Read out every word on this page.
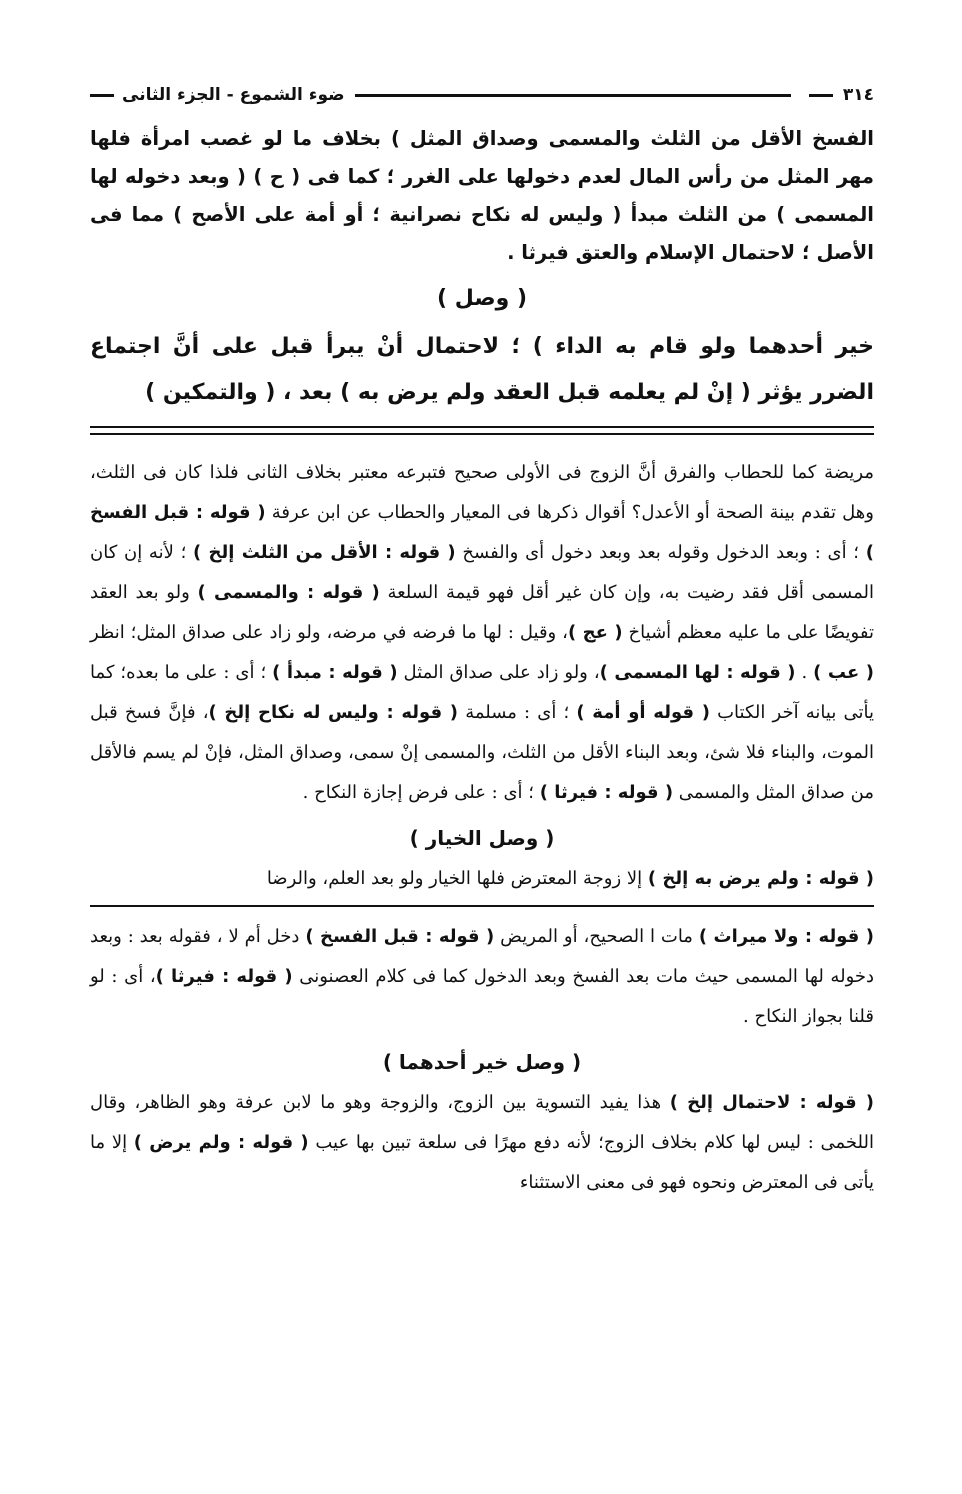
٣١٤
ضوء الشموع - الجزء الثانى

الفسخ الأقل من الثلث والمسمى وصداق المثل ) بخلاف ما لو غصب امرأة فلها مهر المثل من رأس المال لعدم دخولها على الغرر ؛ كما فى ( ح ) ( وبعد دخوله لها المسمى ) من الثلث مبدأ ( وليس له نكاح نصرانية ؛ أو أمة على الأصح ) مما فى الأصل ؛ لاحتمال الإسلام والعتق فيرثا .

( وصل )
خير أحدهما ولو قام به الداء ) ؛ لاحتمال أنْ يبرأ قبل على أنَّ اجتماع الضرر يؤثر ( إنْ لم يعلمه قبل العقد ولم يرض به ) بعد ، ( والتمكين )

مريضة كما للحطاب والفرق أنَّ الزوج فى الأولى صحيح فتبرعه معتبر بخلاف الثانى فلذا كان فى الثلث، وهل تقدم بينة الصحة أو الأعدل؟ أقوال ذكرها فى المعيار والحطاب عن ابن عرفة ( قوله : قبل الفسخ ) ؛ أى : وبعد الدخول وقوله بعد وبعد دخول أى والفسخ ( قوله : الأقل من الثلث إلخ ) ؛ لأنه إن كان المسمى أقل فقد رضيت به، وإن كان غير أقل فهو قيمة السلعة ( قوله : والمسمى ) ولو بعد العقد تفويضًا على ما عليه معظم أشياخ ( عج )، وقيل : لها ما فرضه في مرضه، ولو زاد على صداق المثل؛ انظر ( عب ) . ( قوله : لها المسمى )، ولو زاد على صداق المثل ( قوله : مبدأ ) ؛ أى : على ما بعده؛ كما يأتى بيانه آخر الكتاب ( قوله أو أمة ) ؛ أى : مسلمة ( قوله : وليس له نكاح إلخ )، فإنَّ فسخ قبل الموت، والبناء فلا شئ، وبعد البناء الأقل من الثلث، والمسمى إنْ سمى، وصداق المثل، فإنْ لم يسم فالأقل من صداق المثل والمسمى ( قوله : فيرثا ) ؛ أى : على فرض إجازة النكاح .

( وصل الخيار )

( قوله : ولم يرض به إلخ ) إلا زوجة المعترض فلها الخيار ولو بعد العلم، والرضا

( قوله : ولا ميراث ) مات ا الصحيح، أو المريض ( قوله : قبل الفسخ ) دخل أم لا ، فقوله بعد : وبعد دخوله لها المسمى حيث مات بعد الفسخ وبعد الدخول كما فى كلام العصنونى ( قوله : فيرثا )، أى : لو قلنا بجواز النكاح .

( وصل خير أحدهما )

( قوله : لاحتمال إلخ ) هذا يفيد التسوية بين الزوج، والزوجة وهو ما لابن عرفة وهو الظاهر، وقال اللخمى : ليس لها كلام بخلاف الزوج؛ لأنه دفع مهرًا فى سلعة تبين بها عيب ( قوله : ولم يرض ) إلا ما يأتى فى المعترض ونحوه فهو فى معنى الاستثناء
